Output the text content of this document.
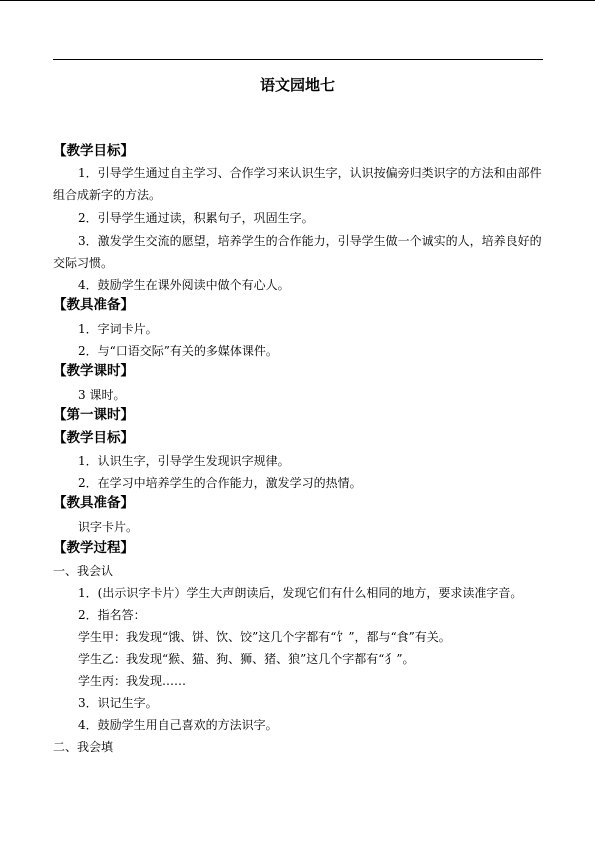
语文园地七
【教学目标】
1．引导学生通过自主学习、合作学习来认识生字，认识按偏旁归类识字的方法和由部件
组合成新字的方法。
2．引导学生通过读，积累句子，巩固生字。
3．激发学生交流的愿望，培养学生的合作能力，引导学生做一个诚实的人，培养良好的
交际习惯。
4．鼓励学生在课外阅读中做个有心人。
【教具准备】
1．字词卡片。
2．与“口语交际”有关的多媒体课件。
【教学课时】
3 课时。
【第一课时】
【教学目标】
1．认识生字，引导学生发现识字规律。
2．在学习中培养学生的合作能力，激发学习的热情。
【教具准备】
识字卡片。
【教学过程】
一、我会认
1．(出示识字卡片）学生大声朗读后，发现它们有什么相同的地方，要求读准字音。
2．指名答：
学生甲：我发现“饿、饼、饮、饺”这几个字都有“饣”，都与“食”有关。
学生乙：我发现“猴、猫、狗、狮、猪、狼”这几个字都有“犭”。
学生丙：我发现……
3．识记生字。
4．鼓励学生用自己喜欢的方法识字。
二、我会填
